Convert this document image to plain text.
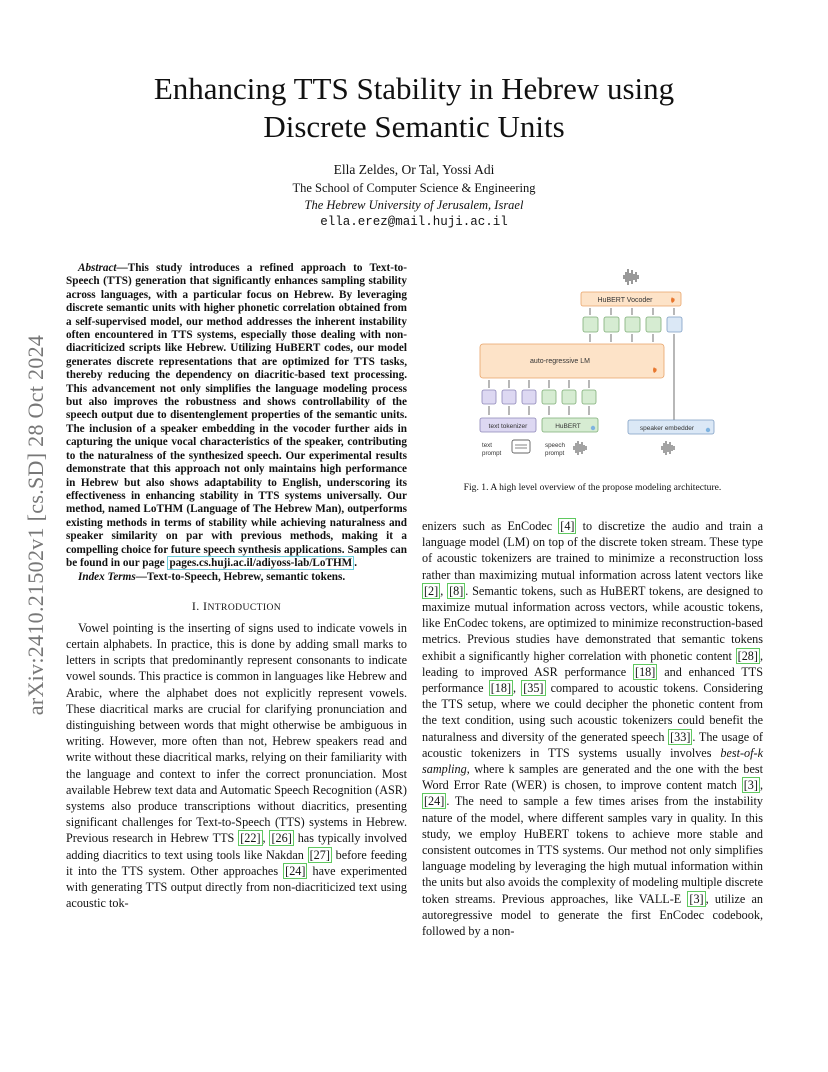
Enhancing TTS Stability in Hebrew using
Discrete Semantic Units
Ella Zeldes, Or Tal, Yossi Adi
The School of Computer Science & Engineering
The Hebrew University of Jerusalem, Israel
ella.erez@mail.huji.ac.il
arXiv:2410.21502v1 [cs.SD] 28 Oct 2024

Abstract—This study introduces a refined approach to Text-to-Speech (TTS) generation that significantly enhances sampling stability across languages, with a particular focus on Hebrew. By leveraging discrete semantic units with higher phonetic correlation obtained from a self-supervised model, our method addresses the inherent instability often encountered in TTS systems, especially those dealing with non-diacriticized scripts like Hebrew. Utilizing HuBERT codes, our model generates discrete representations that are optimized for TTS tasks, thereby reducing the dependency on diacritic-based text processing. This advancement not only simplifies the language modeling process but also improves the robustness and shows controllability of the speech output due to disentenglement properties of the semantic units. The inclusion of a speaker embedding in the vocoder further aids in capturing the unique vocal characteristics of the speaker, contributing to the naturalness of the synthesized speech. Our experimental results demonstrate that this approach not only maintains high performance in Hebrew but also shows adaptability to English, underscoring its effectiveness in enhancing stability in TTS systems universally. Our method, named LoTHM (Language of The Hebrew Man), outperforms existing methods in terms of stability while achieving naturalness and speaker similarity on par with previous methods, making it a compelling choice for future speech synthesis applications. Samples can be found in our page pages.cs.huji.ac.il/adiyoss-lab/LoTHM .

Index Terms—Text-to-Speech, Hebrew, semantic tokens.

I. INTRODUCTION

Vowel pointing is the inserting of signs used to indicate vowels in certain alphabets. In practice, this is done by adding small marks to letters in scripts that predominantly represent consonants to indicate vowel sounds. This practice is common in languages like Hebrew and Arabic, where the alphabet does not explicitly represent vowels. These diacritical marks are crucial for clarifying pronunciation and distinguishing between words that might otherwise be ambiguous in writing. However, more often than not, Hebrew speakers read and write without these diacritical marks, relying on their familiarity with the language and context to infer the correct pronunciation. Most available Hebrew text data and Automatic Speech Recognition (ASR) systems also produce transcriptions without diacritics, presenting significant challenges for Text-to-Speech (TTS) systems in Hebrew. Previous research in Hebrew TTS [22] , [26] has typically involved adding diacritics to text using tools like Nakdan [27] before feeding it into the TTS system. Other approaches [24] have experimented with generating TTS output directly from non-diacriticized text using acoustic tok-

HuBERT Vocoder
auto-regressive LM
text tokenizer	HuBERT	speaker embedder
text
prompt
speech
prompt
Fig. 1. A high level overview of the propose modeling architecture.

enizers such as EnCodec [4] to discretize the audio and train a language model (LM) on top of the discrete token stream. These type of acoustic tokenizers are trained to minimize a reconstruction loss rather than maximizing mutual information across latent vectors like [2] , [8] . Semantic tokens, such as HuBERT tokens, are designed to maximize mutual information across vectors, while acoustic tokens, like EnCodec tokens, are optimized to minimize reconstruction-based metrics. Previous studies have demonstrated that semantic tokens exhibit a significantly higher correlation with phonetic content [28] , leading to improved ASR performance [18] and enhanced TTS performance [18] , [35] compared to acoustic tokens. Considering the TTS setup, where we could decipher the phonetic content from the text condition, using such acoustic tokenizers could benefit the naturalness and diversity of the generated speech [33] . The usage of acoustic tokenizers in TTS systems usually involves best-of-k sampling, where k samples are generated and the one with the best Word Error Rate (WER) is chosen, to improve content match [3] , [24] . The need to sample a few times arises from the instability nature of the model, where different samples vary in quality. In this study, we employ HuBERT tokens to achieve more stable and consistent outcomes in TTS systems. Our method not only simplifies language modeling by leveraging the high mutual information within the units but also avoids the complexity of modeling multiple discrete token streams. Previous approaches, like VALL-E [3] , utilize an autoregressive model to generate the first EnCodec codebook, followed by a non-
